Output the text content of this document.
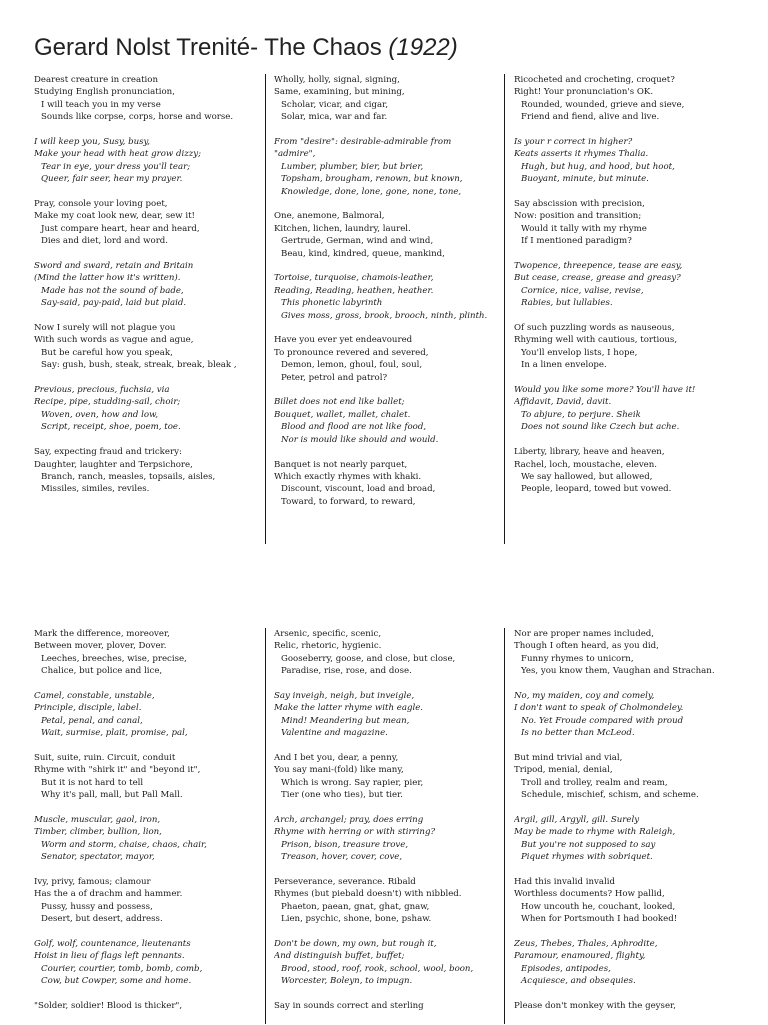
Gerard Nolst Trenité- The Chaos (1922)
Dearest creature in creation
Studying English pronunciation,
I will teach you in my verse
Sounds like corpse, corps, horse and worse.
I will keep you, Susy, busy,
Make your head with heat grow dizzy;
Tear in eye, your dress you'll tear;
Queer, fair seer, hear my prayer.
Pray, console your loving poet,
Make my coat look new, dear, sew it!
Just compare heart, hear and heard,
Dies and diet, lord and word.
Sword and sward, retain and Britain
(Mind the latter how it's written).
Made has not the sound of bade,
Say-said, pay-paid, laid but plaid.
Now I surely will not plague you
With such words as vague and ague,
But be careful how you speak,
Say: gush, bush, steak, streak, break, bleak ,
Previous, precious, fuchsia, via
Recipe, pipe, studding-sail, choir;
Woven, oven, how and low,
Script, receipt, shoe, poem, toe.
Say, expecting fraud and trickery:
Daughter, laughter and Terpsichore,
Branch, ranch, measles, topsails, aisles,
Missiles, similes, reviles.
Wholly, holly, signal, signing,
Same, examining, but mining,
Scholar, vicar, and cigar,
Solar, mica, war and far.
From "desire": desirable-admirable from
"admire",
Lumber, plumber, bier, but brier,
Topsham, brougham, renown, but known,
Knowledge, done, lone, gone, none, tone,
One, anemone, Balmoral,
Kitchen, lichen, laundry, laurel.
Gertrude, German, wind and wind,
Beau, kind, kindred, queue, mankind,
Tortoise, turquoise, chamois-leather,
Reading, Reading, heathen, heather.
This phonetic labyrinth
Gives moss, gross, brook, brooch, ninth, plinth.
Have you ever yet endeavoured
To pronounce revered and severed,
Demon, lemon, ghoul, foul, soul,
Peter, petrol and patrol?
Billet does not end like ballet;
Bouquet, wallet, mallet, chalet.
Blood and flood are not like food,
Nor is mould like should and would.
Banquet is not nearly parquet,
Which exactly rhymes with khaki.
Discount, viscount, load and broad,
Toward, to forward, to reward,
Ricocheted and crocheting, croquet?
Right! Your pronunciation's OK.
Rounded, wounded, grieve and sieve,
Friend and fiend, alive and live.
Is your r correct in higher?
Keats asserts it rhymes Thalia.
Hugh, but hug, and hood, but hoot,
Buoyant, minute, but minute.
Say abscission with precision,
Now: position and transition;
Would it tally with my rhyme
If I mentioned paradigm?
Twopence, threepence, tease are easy,
But cease, crease, grease and greasy?
Cornice, nice, valise, revise,
Rabies, but lullabies.
Of such puzzling words as nauseous,
Rhyming well with cautious, tortious,
You'll envelop lists, I hope,
In a linen envelope.
Would you like some more? You'll have it!
Affidavit, David, davit.
To abjure, to perjure. Sheik
Does not sound like Czech but ache.
Liberty, library, heave and heaven,
Rachel, loch, moustache, eleven.
We say hallowed, but allowed,
People, leopard, towed but vowed.
Mark the difference, moreover,
Between mover, plover, Dover.
Leeches, breeches, wise, precise,
Chalice, but police and lice,
Camel, constable, unstable,
Principle, disciple, label.
Petal, penal, and canal,
Wait, surmise, plait, promise, pal,
Suit, suite, ruin. Circuit, conduit
Rhyme with "shirk it" and "beyond it",
But it is not hard to tell
Why it's pall, mall, but Pall Mall.
Muscle, muscular, gaol, iron,
Timber, climber, bullion, lion,
Worm and storm, chaise, chaos, chair,
Senator, spectator, mayor,
Ivy, privy, famous; clamour
Has the a of drachm and hammer.
Pussy, hussy and possess,
Desert, but desert, address.
Golf, wolf, countenance, lieutenants
Hoist in lieu of flags left pennants.
Courier, courtier, tomb, bomb, comb,
Cow, but Cowper, some and home.
"Solder, soldier! Blood is thicker",
Arsenic, specific, scenic,
Relic, rhetoric, hygienic.
Gooseberry, goose, and close, but close,
Paradise, rise, rose, and dose.
Say inveigh, neigh, but inveigle,
Make the latter rhyme with eagle.
Mind! Meandering but mean,
Valentine and magazine.
And I bet you, dear, a penny,
You say mani-(fold) like many,
Which is wrong. Say rapier, pier,
Tier (one who ties), but tier.
Arch, archangel; pray, does erring
Rhyme with herring or with stirring?
Prison, bison, treasure trove,
Treason, hover, cover, cove,
Perseverance, severance. Ribald
Rhymes (but piebald doesn't) with nibbled.
Phaeton, paean, gnat, ghat, gnaw,
Lien, psychic, shone, bone, pshaw.
Don't be down, my own, but rough it,
And distinguish buffet, buffet;
Brood, stood, roof, rook, school, wool, boon,
Worcester, Boleyn, to impugn.
Say in sounds correct and sterling
Nor are proper names included,
Though I often heard, as you did,
Funny rhymes to unicorn,
Yes, you know them, Vaughan and Strachan.
No, my maiden, coy and comely,
I don't want to speak of Cholmondeley.
No. Yet Froude compared with proud
Is no better than McLeod.
But mind trivial and vial,
Tripod, menial, denial,
Troll and trolley, realm and ream,
Schedule, mischief, schism, and scheme.
Argil, gill, Argyll, gill. Surely
May be made to rhyme with Raleigh,
But you're not supposed to say
Piquet rhymes with sobriquet.
Had this invalid invalid
Worthless documents? How pallid,
How uncouth he, couchant, looked,
When for Portsmouth I had booked!
Zeus, Thebes, Thales, Aphrodite,
Paramour, enamoured, flighty,
Episodes, antipodes,
Acquiesce, and obsequies.
Please don't monkey with the geyser,
